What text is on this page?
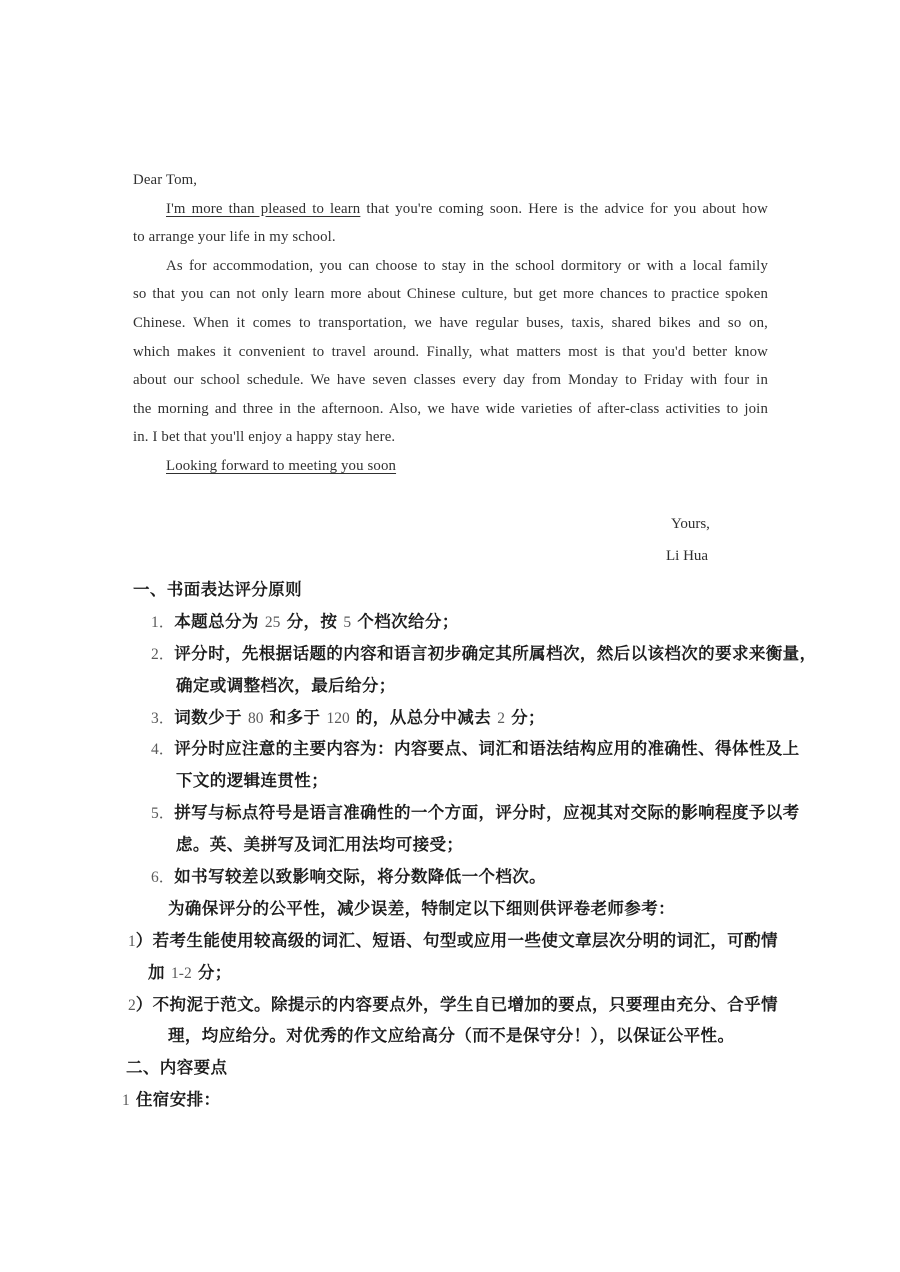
Dear Tom,
I'm more than pleased to learn that you're coming soon. Here is the advice for you about how
to arrange your life in my school.
As for accommodation, you can choose to stay in the school dormitory or with a local family
so that you can not only learn more about Chinese culture, but get more chances to practice spoken
Chinese. When it comes to transportation, we have regular buses, taxis, shared bikes and so on,
which makes it convenient to travel around. Finally, what matters most is that you'd better know
about our school schedule. We have seven classes every day from Monday to Friday with four in
the morning and three in the afternoon. Also, we have wide varieties of after-class activities to join
in. I bet that you'll enjoy a happy stay here.
Looking forward to meeting you soon
Yours,
Li Hua
一、书面表达评分原则
1．本题总分为 25 分，按 5 个档次给分；
2．评分时，先根据话题的内容和语言初步确定其所属档次，然后以该档次的要求来衡量，
确定或调整档次，最后给分；
3．词数少于 80 和多于 120 的，从总分中减去 2 分；
4．评分时应注意的主要内容为：内容要点、词汇和语法结构应用的准确性、得体性及上
下文的逻辑连贯性；
5．拼写与标点符号是语言准确性的一个方面，评分时，应视其对交际的影响程度予以考
虑。英、美拼写及词汇用法均可接受；
6．如书写较差以致影响交际，将分数降低一个档次。
为确保评分的公平性，减少误差，特制定以下细则供评卷老师参考：
1）若考生能使用较高级的词汇、短语、句型或应用一些使文章层次分明的词汇，可酌情
加 1-2 分；
2）不拘泥于范文。除提示的内容要点外，学生自已增加的要点，只要理由充分、合乎情
理，均应给分。对优秀的作文应给高分（而不是保守分！），以保证公平性。
二、内容要点
1 住宿安排：
